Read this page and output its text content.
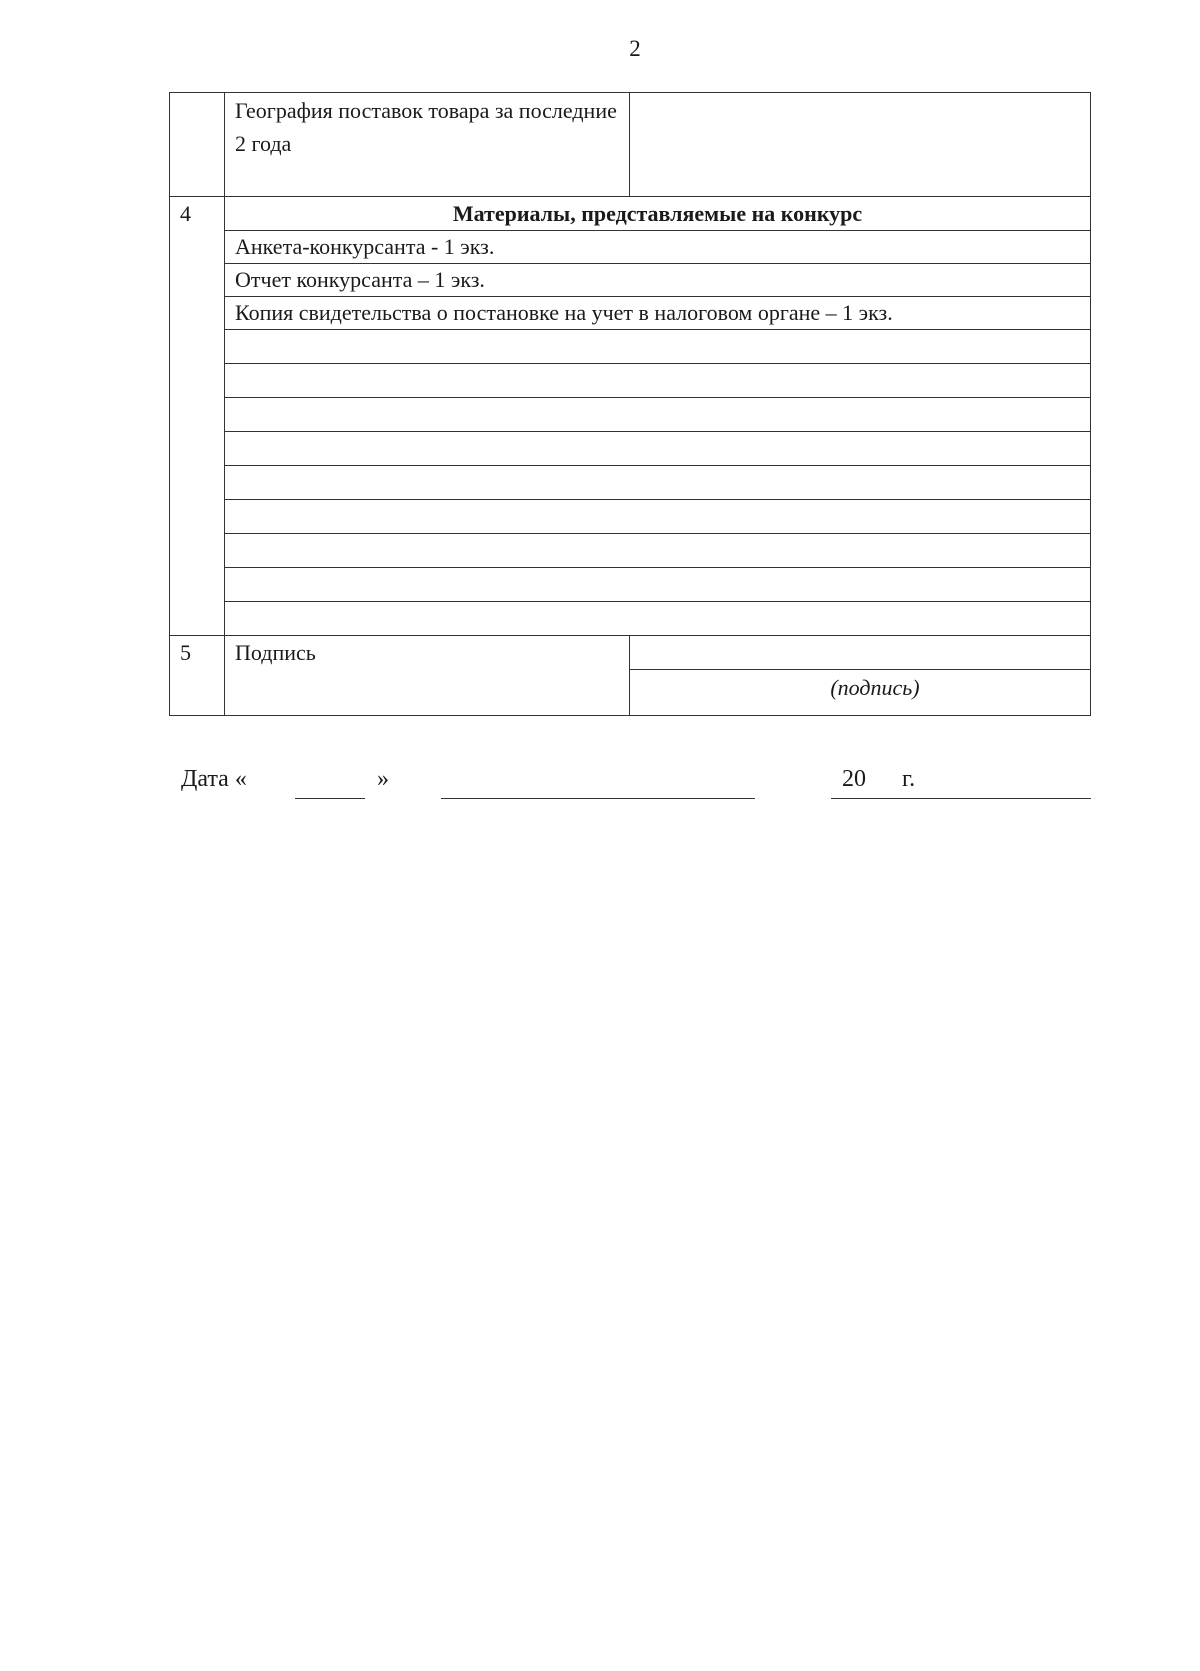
2
	География поставок товара за последние 2 года	
4	Материалы, представляемые на конкурс	
	Анкета-конкурсанта - 1 экз.	
	Отчет конкурсанта – 1 экз.	
	Копия свидетельства о постановке на учет в налоговом органе – 1 экз.	

5	Подпись	(подпись)
Дата «	»	20 г.
